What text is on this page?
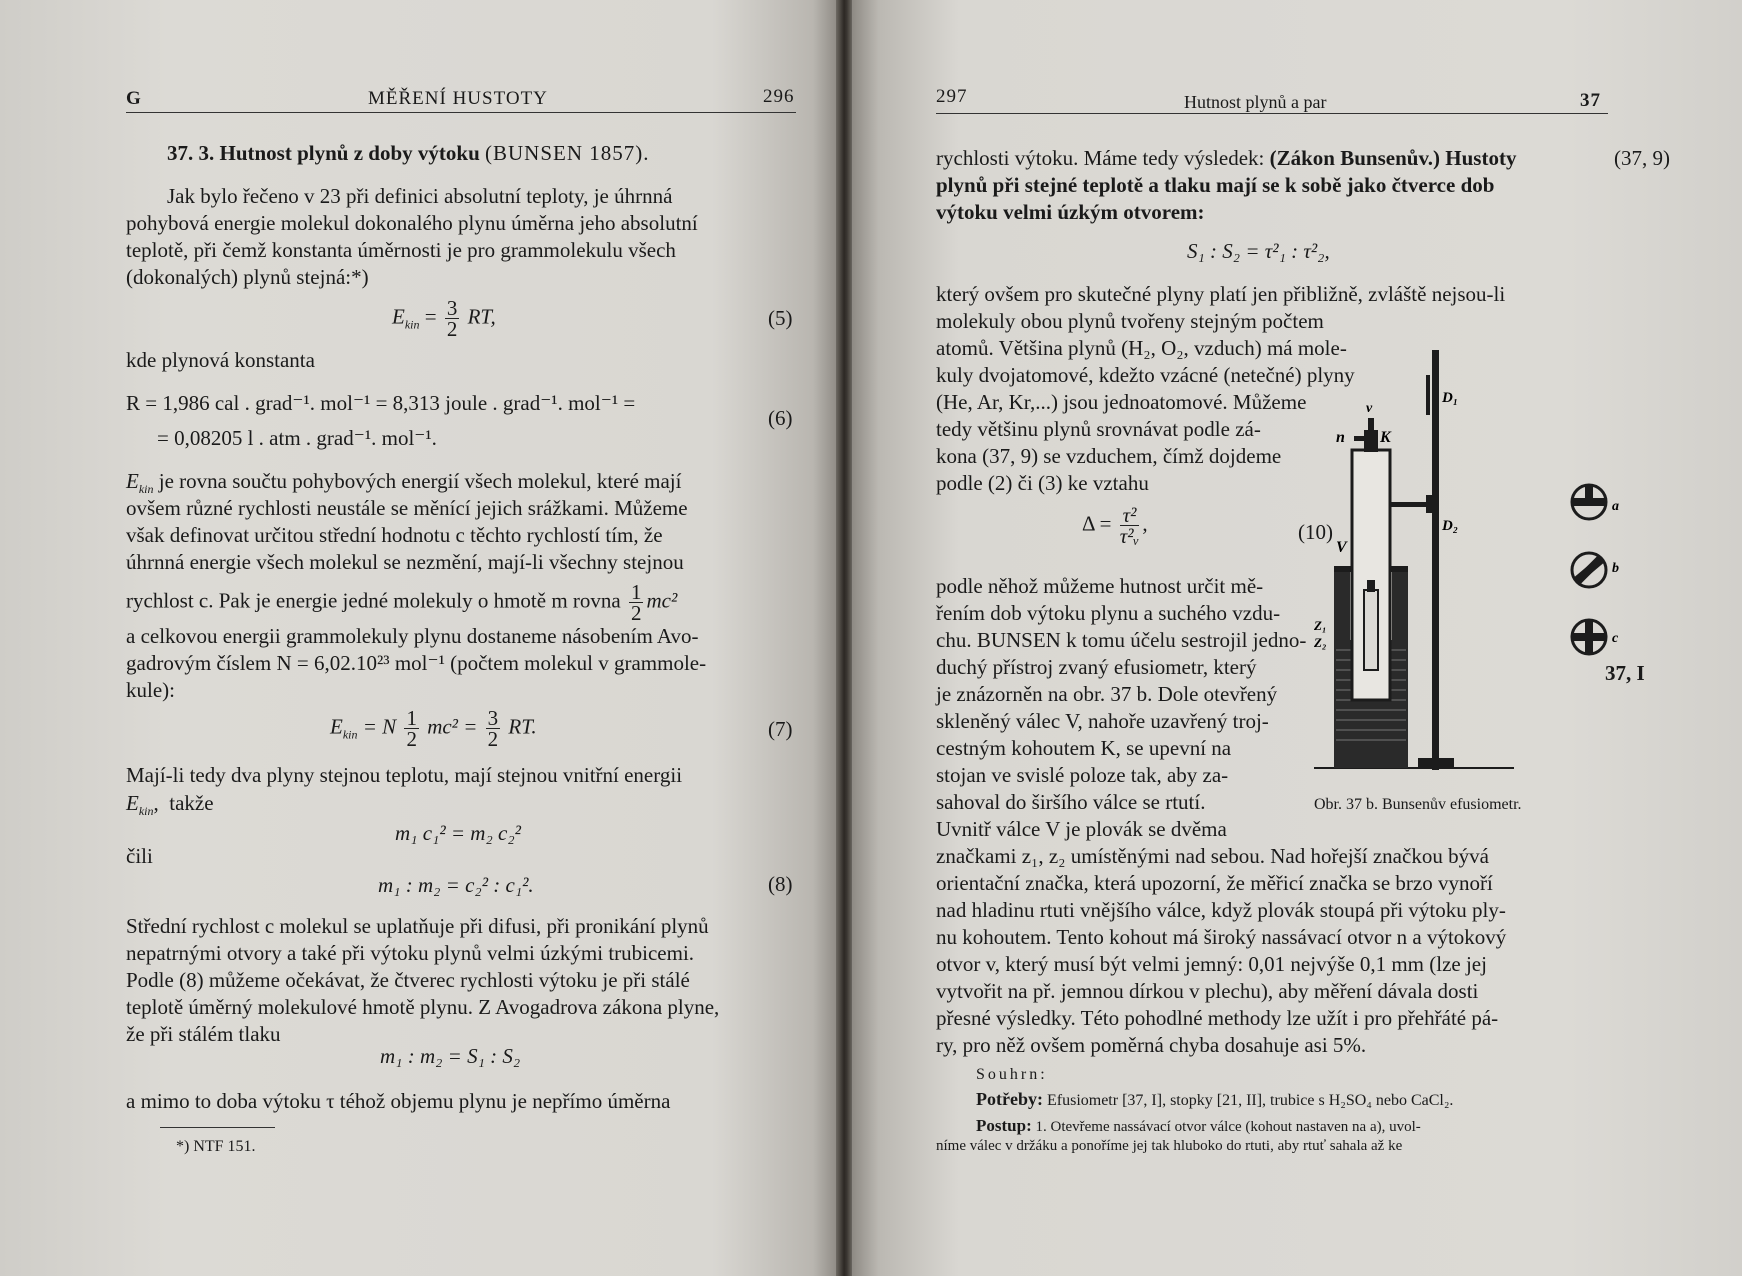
G	MĚŘENÍ HUSTOTY	296
37. 3. Hutnost plynů z doby výtoku (BUNSEN 1857).
Jak bylo řečeno v 23 při definici absolutní teploty, je úhrnná
pohybová energie molekul dokonalého plynu úměrna jeho absolutní
teplotě, při čemž konstanta úměrnosti je pro grammolekulu všech
(dokonalých) plynů stejná:*)
$E_{kin} = \frac{3}{2}$ RT,	(5)
kde plynová konstanta
R = 1,986 cal . grad⁻¹. mol⁻¹ = 8,313 joule . grad⁻¹. mol⁻¹ =
= 0,08205 l . atm . grad⁻¹. mol⁻¹.
(6)
$E_{kin}$ je rovna součtu pohybových energií všech molekul, které mají
ovšem různé rychlosti neustále se měnící jejich srážkami. Můžeme
však definovat určitou střední hodnotu c těchto rychlostí tím, že
úhrnná energie všech molekul se nezmění, mají-li všechny stejnou
rychlost c. Pak je energie jedné molekuly o hmotě m rovna $\frac{1}{2} mc^2$
a celkovou energii grammolekuly plynu dostaneme násobením Avo-
gadrovým číslem N = 6,02.10²³ mol⁻¹ (počtem molekul v grammole-
kule):
$E_{kin} = N \frac{1}{2} mc^2 = \frac{3}{2}$ RT.	(7)
Mají-li tedy dva plyny stejnou teplotu, mají stejnou vnitřní energii
$E_{kin}$,  takže
m₁ c₁² = m₂ c₂²
čili
m₁ : m₂ = c₂² : c₁².	(8)
Střední rychlost c molekul se uplatňuje při difusi, při pronikání plynů
nepatrnými otvory a také při výtoku plynů velmi úzkými trubicemi.
Podle (8) můžeme očekávat, že čtverec rychlosti výtoku je při stálé
teplotě úměrný molekulové hmotě plynu. Z Avogadrova zákona plyne,
že při stálém tlaku
m₁ : m₂ = S₁ : S₂
a mimo to doba výtoku τ téhož objemu plynu je nepřímo úměrna
*) NTF 151.
297	Hutnost plynů a par	37
rychlosti výtoku. Máme tedy výsledek: (Zákon Bunsenův.) Hustoty	(37, 9)
plynů při stejné teplotě a tlaku mají se k sobě jako čtverce dob
výtoku velmi úzkým otvorem:
S₁ : S₂ = τ²₁ : τ²₂,
který ovšem pro skutečné plyny platí jen přibližně, zvláště nejsou-li
molekuly obou plynů tvořeny stejným počtem
atomů. Většina plynů (H₂, O₂, vzduch) má mole-
kuly dvojatomové, kdežto vzácné (netečné) plyny
(He, Ar, Kr,...) jsou jednoatomové. Můžeme
tedy většinu plynů srovnávat podle zá-
kona (37, 9) se vzduchem, čímž dojdeme
podle (2) či (3) ke vztahu
$\Delta = \frac{\text{τ²}}{\text{τ²ᵥ}}$ ,	(10)
podle něhož můžeme hutnost určit mě-
řením dob výtoku plynu a suchého vzdu-
chu. BUNSEN k tomu účelu sestrojil jedno-
duchý přístroj zvaný efusiometr, který
je znázorněn na obr. 37 b. Dole otevřený
skleněný válec V, nahoře uzavřený troj-
cestným kohoutem K, se upevní na
stojan ve svislé poloze tak, aby za-
sahoval do širšího válce se rtutí.
Uvnitř válce V je plovák se dvěma
v
n K
D₁
D₂
V
Z₁
Z₂
a
b
c
37, I
Obr. 37 b. Bunsenův efusiometr.
značkami z₁, z₂ umístěnými nad sebou. Nad hořejší značkou bývá
orientační značka, která upozorní, že měřicí značka se brzo vynoří
nad hladinu rtuti vnějšího válce, když plovák stoupá při výtoku ply-
nu kohoutem. Tento kohout má široký nassávací otvor n a výtokový
otvor v, který musí být velmi jemný: 0,01 nejvýše 0,1 mm (lze jej
vytvořit na př. jemnou dírkou v plechu), aby měření dávala dosti
přesné výsledky. Této pohodlné methody lze užít i pro přehřáté pá-
ry, pro něž ovšem poměrná chyba dosahuje asi 5%.
Souhrn:
Potřeby: Efusiometr [37, I], stopky [21, II], trubice s H₂SO₄ nebo CaCl₂.
Postup: 1. Otevřeme nassávací otvor válce (kohout nastaven na a), uvol-
níme válec v držáku a ponoříme jej tak hluboko do rtuti, aby rtuť sahala až ke
